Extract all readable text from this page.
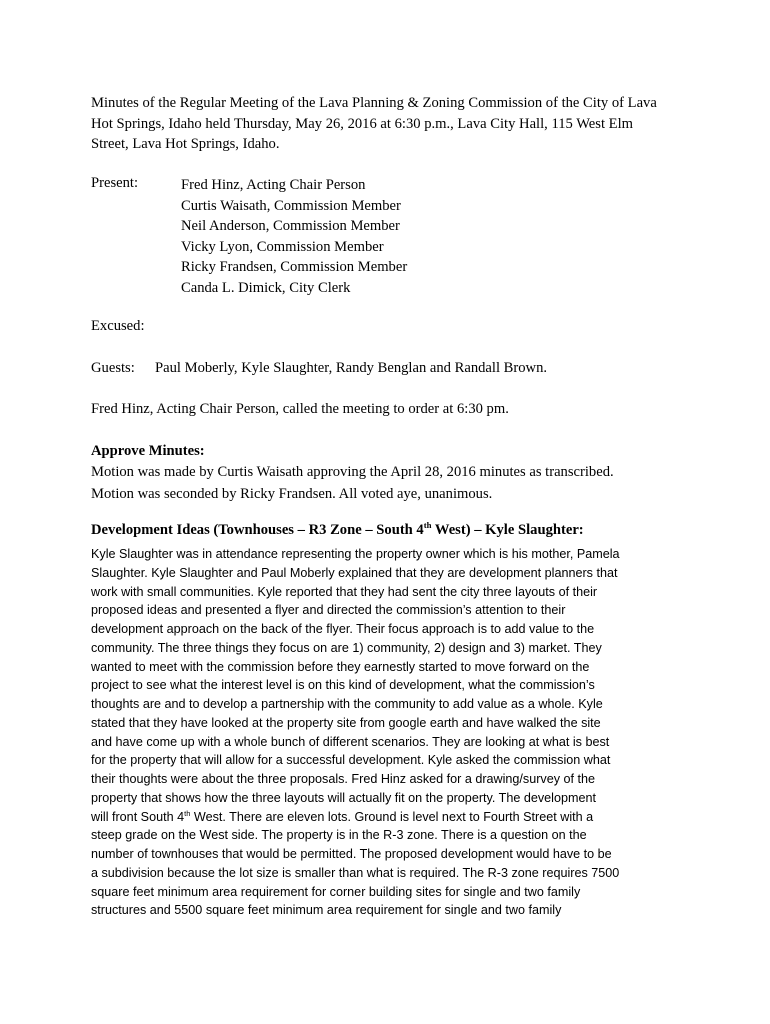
Minutes of the Regular Meeting of the Lava Planning & Zoning Commission of the City of Lava
Hot Springs, Idaho held Thursday, May 26, 2016 at 6:30 p.m., Lava City Hall, 115 West Elm
Street, Lava Hot Springs, Idaho.
Present:	Fred Hinz, Acting Chair Person
Curtis Waisath, Commission Member
Neil Anderson, Commission Member
Vicky Lyon, Commission Member
Ricky Frandsen, Commission Member
Canda L. Dimick, City Clerk
Excused:
Guests: Paul Moberly, Kyle Slaughter, Randy Benglan and Randall Brown.
Fred Hinz, Acting Chair Person, called the meeting to order at 6:30 pm.
Approve Minutes:
Motion was made by Curtis Waisath approving the April 28, 2016 minutes as transcribed.
Motion was seconded by Ricky Frandsen. All voted aye, unanimous.
Development Ideas (Townhouses – R3 Zone – South 4th West) – Kyle Slaughter:
Kyle Slaughter was in attendance representing the property owner which is his mother, Pamela
Slaughter. Kyle Slaughter and Paul Moberly explained that they are development planners that
work with small communities. Kyle reported that they had sent the city three layouts of their
proposed ideas and presented a flyer and directed the commission’s attention to their
development approach on the back of the flyer. Their focus approach is to add value to the
community. The three things they focus on are 1) community, 2) design and 3) market. They
wanted to meet with the commission before they earnestly started to move forward on the
project to see what the interest level is on this kind of development, what the commission’s
thoughts are and to develop a partnership with the community to add value as a whole. Kyle
stated that they have looked at the property site from google earth and have walked the site
and have come up with a whole bunch of different scenarios. They are looking at what is best
for the property that will allow for a successful development. Kyle asked the commission what
their thoughts were about the three proposals. Fred Hinz asked for a drawing/survey of the
property that shows how the three layouts will actually fit on the property. The development
will front South 4th West. There are eleven lots. Ground is level next to Fourth Street with a
steep grade on the West side. The property is in the R-3 zone. There is a question on the
number of townhouses that would be permitted. The proposed development would have to be
a subdivision because the lot size is smaller than what is required. The R-3 zone requires 7500
square feet minimum area requirement for corner building sites for single and two family
structures and 5500 square feet minimum area requirement for single and two family
